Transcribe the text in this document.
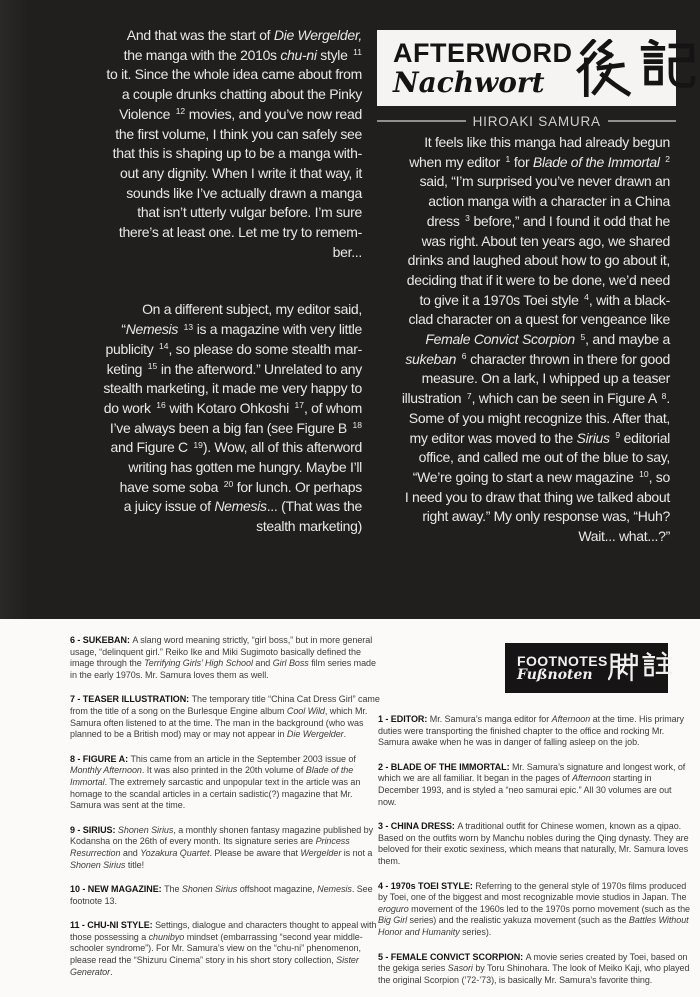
And that was the start of Die Wergelder,
the manga with the 2010s chu-ni style $^{11}$
to it. Since the whole idea came about from
a couple drunks chatting about the Pinky
Violence $^{12}$ movies, and you’ve now read
the first volume, I think you can safely see
that this is shaping up to be a manga with-
out any dignity. When I write it that way, it
sounds like I’ve actually drawn a manga
that isn’t utterly vulgar before. I’m sure
there’s at least one. Let me try to remem-
ber...
On a different subject, my editor said,
“Nemesis $^{13}$ is a magazine with very little
publicity $^{14}$, so please do some stealth mar-
keting $^{15}$ in the afterword.” Unrelated to any
stealth marketing, it made me very happy to
do work $^{16}$ with Kotaro Ohkoshi $^{17}$, of whom
I’ve always been a big fan (see Figure B $^{18}$
and Figure C $^{19}$). Wow, all of this afterword
writing has gotten me hungry. Maybe I’ll
have some soba $^{20}$ for lunch. Or perhaps
a juicy issue of Nemesis... (That was the
stealth marketing)
AFTERWORD
Nachwort
HIROAKI SAMURA
It feels like this manga had already begun
when my editor $^1$ for Blade of the Immortal $^2$
said, “I’m surprised you’ve never drawn an
action manga with a character in a China
dress $^3$ before,” and I found it odd that he
was right. About ten years ago, we shared
drinks and laughed about how to go about it,
deciding that if it were to be done, we’d need
to give it a 1970s Toei style $^4$, with a black-
clad character on a quest for vengeance like
Female Convict Scorpion $^5$, and maybe a
sukeban $^6$ character thrown in there for good
measure. On a lark, I whipped up a teaser
illustration $^7$, which can be seen in Figure A $^8$.
Some of you might recognize this. After that,
my editor was moved to the Sirius $^9$ editorial
office, and called me out of the blue to say,
“We’re going to start a new magazine $^{10}$, so
I need you to draw that thing we talked about
right away.” My only response was, “Huh?
Wait... what...?”

6 - SUKEBAN: A slang word meaning strictly, “girl boss,” but in more general usage, “delinquent girl.” Reiko Ike and Miki Sugimoto basically defined the image through the Terrifying Girls’ High School and Girl Boss film series made in the early 1970s. Mr. Samura loves them as well.

7 - TEASER ILLUSTRATION: The temporary title “China Cat Dress Girl” came from the title of a song on the Burlesque Engine album Cool Wild, which Mr. Samura often listened to at the time. The man in the background (who was planned to be a British mod) may or may not appear in Die Wergelder.

8 - FIGURE A: This came from an article in the September 2003 issue of Monthly Afternoon. It was also printed in the 20th volume of Blade of the Immortal. The extremely sarcastic and unpopular text in the article was an homage to the scandal articles in a certain sadistic(?) magazine that Mr. Samura was sent at the time.

9 - SIRIUS: Shonen Sirius, a monthly shonen fantasy magazine published by Kodansha on the 26th of every month. Its signature series are Princess Resurrection and Yozakura Quartet. Please be aware that Wergelder is not a Shonen Sirius title!

10 - NEW MAGAZINE: The Shonen Sirius offshoot magazine, Nemesis. See footnote 13.

11 - CHU-NI STYLE: Settings, dialogue and characters thought to appeal with those possessing a chunibyo mindset (embarrassing “second year middle-schooler syndrome”). For Mr. Samura’s view on the “chu-ni” phenomenon, please read the “Shizuru Cinema” story in his short story collection, Sister Generator.

FOOTNOTES
Fußnoten

1 - EDITOR: Mr. Samura’s manga editor for Afternoon at the time. His primary duties were transporting the finished chapter to the office and rocking Mr. Samura awake when he was in danger of falling asleep on the job.

2 - BLADE OF THE IMMORTAL: Mr. Samura’s signature and longest work, of which we are all familiar. It began in the pages of Afternoon starting in December 1993, and is styled a “neo samurai epic.” All 30 volumes are out now.

3 - CHINA DRESS: A traditional outfit for Chinese women, known as a qipao. Based on the outfits worn by Manchu nobles during the Qing dynasty. They are beloved for their exotic sexiness, which means that naturally, Mr. Samura loves them.

4 - 1970s TOEI STYLE: Referring to the general style of 1970s films produced by Toei, one of the biggest and most recognizable movie studios in Japan. The eroguro movement of the 1960s led to the 1970s porno movement (such as the Big Girl series) and the realistic yakuza movement (such as the Battles Without Honor and Humanity series).

5 - FEMALE CONVICT SCORPION: A movie series created by Toei, based on the gekiga series Sasori by Toru Shinohara. The look of Meiko Kaji, who played the original Scorpion (’72-’73), is basically Mr. Samura’s favorite thing.
